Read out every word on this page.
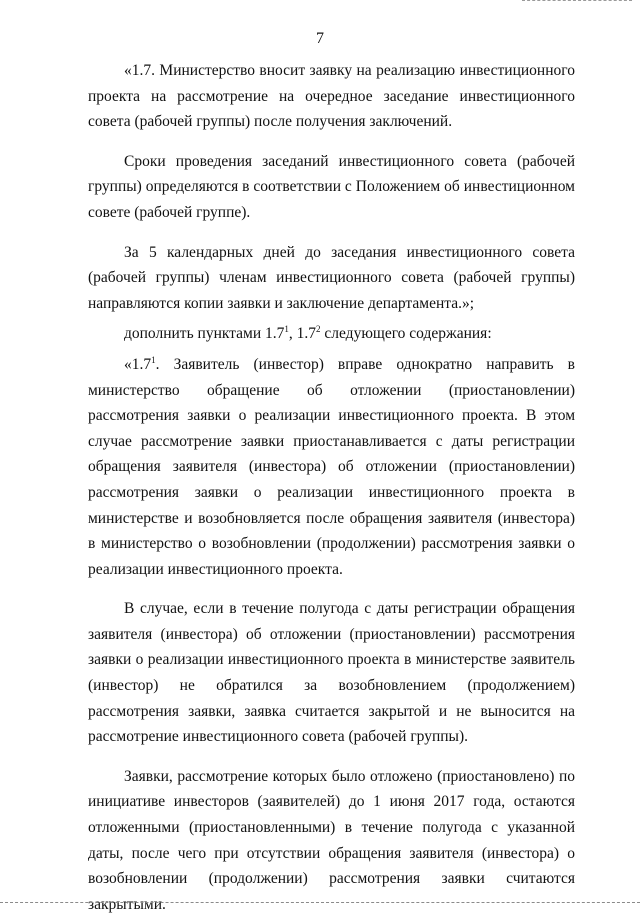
7

«1.7. Министерство вносит заявку на реализацию инвестиционного проекта на рассмотрение на очередное заседание инвестиционного совета (рабочей группы) после получения заключений.

Сроки проведения заседаний инвестиционного совета (рабочей группы) определяются в соответствии с Положением об инвестиционном совете (рабочей группе).

За 5 календарных дней до заседания инвестиционного совета (рабочей группы) членам инвестиционного совета (рабочей группы) направляются копии заявки и заключение департамента.»;

дополнить пунктами $1.7^1$, $1.7^2$ следующего содержания:

«$1.7^1$. Заявитель (инвестор) вправе однократно направить в министерство обращение об отложении (приостановлении) рассмотрения заявки о реализации инвестиционного проекта. В этом случае рассмотрение заявки приостанавливается с даты регистрации обращения заявителя (инвестора) об отложении (приостановлении) рассмотрения заявки о реализации инвестиционного проекта в министерстве и возобновляется после обращения заявителя (инвестора) в министерство о возобновлении (продолжении) рассмотрения заявки о реализации инвестиционного проекта.

В случае, если в течение полугода с даты регистрации обращения заявителя (инвестора) об отложении (приостановлении) рассмотрения заявки о реализации инвестиционного проекта в министерстве заявитель (инвестор) не обратился за возобновлением (продолжением) рассмотрения заявки, заявка считается закрытой и не выносится на рассмотрение инвестиционного совета (рабочей группы).

Заявки, рассмотрение которых было отложено (приостановлено) по инициативе инвесторов (заявителей) до 1 июня 2017 года, остаются отложенными (приостановленными) в течение полугода с указанной даты, после чего при отсутствии обращения заявителя (инвестора) о возобновлении (продолжении) рассмотрения заявки считаются закрытыми.
